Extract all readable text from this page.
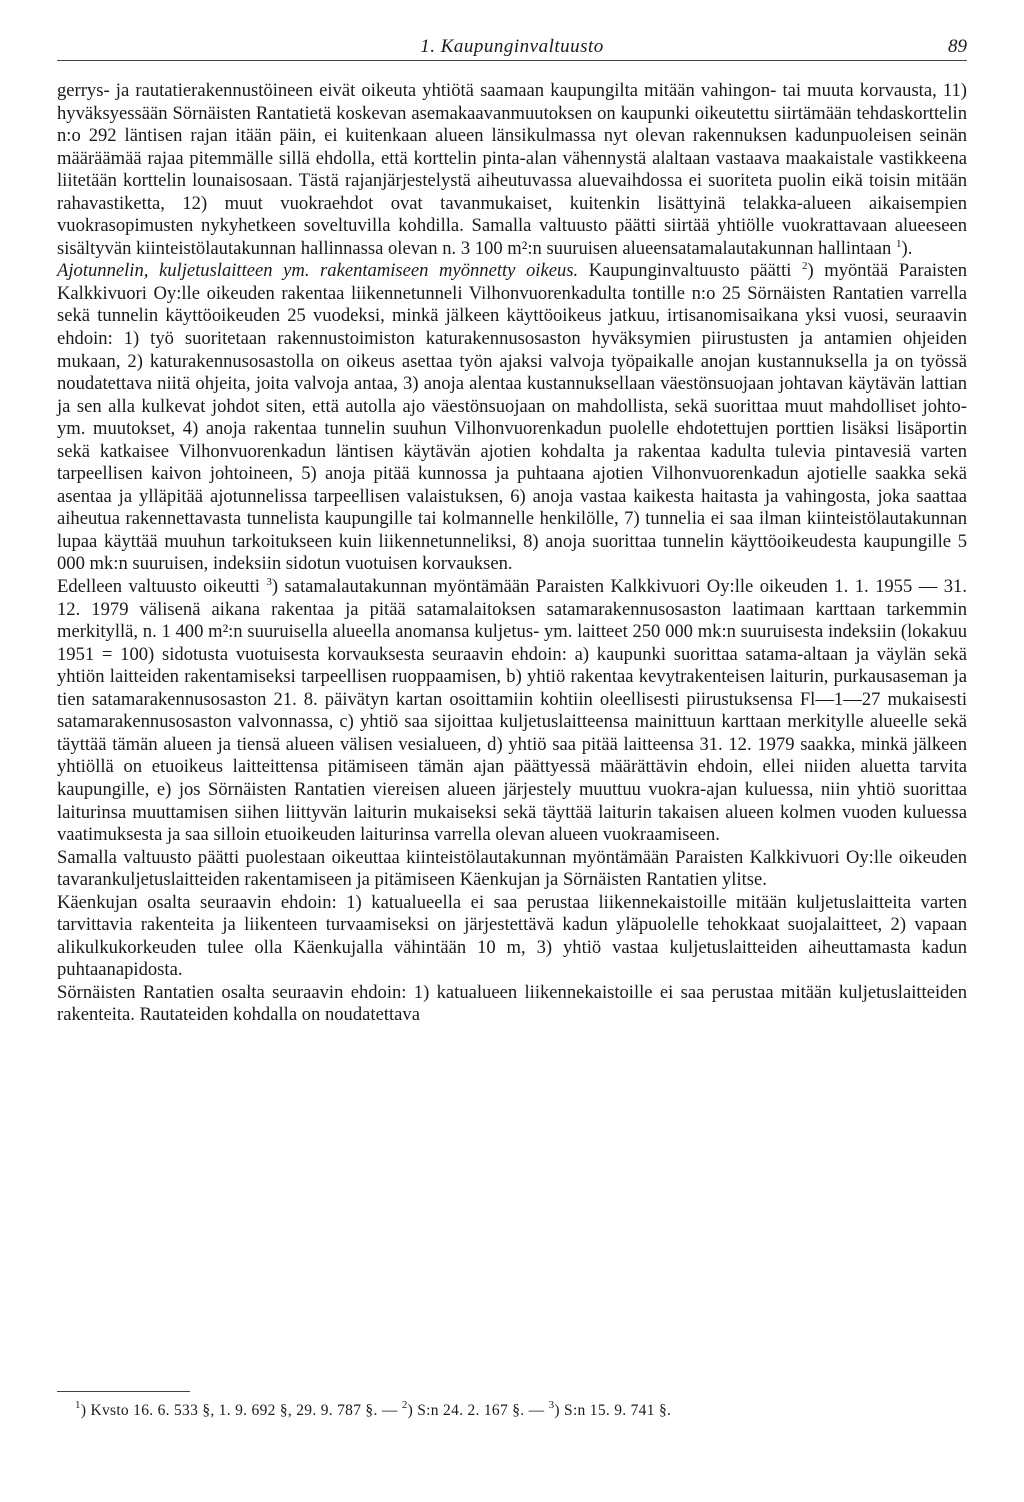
1. Kaupunginvaltuusto	89

gerrys- ja rautatierakennustöineen eivät oikeuta yhtiötä saamaan kaupungilta mitään vahingon- tai muuta korvausta, 11) hyväksyessään Sörnäisten Rantatietä koskevan asemakaavanmuutoksen on kaupunki oikeutettu siirtämään tehdaskorttelin n:o 292 läntisen rajan itään päin, ei kuitenkaan alueen länsikulmassa nyt olevan rakennuksen kadunpuoleisen seinän määräämää rajaa pitemmälle sillä ehdolla, että korttelin pinta-alan vähennystä alaltaan vastaava maakaistale vastikkeena liitetään korttelin lounaisosaan. Tästä rajanjärjestelystä aiheutuvassa aluevaihdossa ei suoriteta puolin eikä toisin mitään rahavastiketta, 12) muut vuokraehdot ovat tavanmukaiset, kuitenkin lisättyinä telakka-alueen aikaisempien vuokrasopimusten nykyhetkeen soveltuvilla kohdilla. Samalla valtuusto päätti siirtää yhtiölle vuokrattavaan alueeseen sisältyvän kiinteistölautakunnan hallinnassa olevan n. 3 100 m²:n suuruisen alueensatamalautakunnan hallintaan $^1$).

Ajotunnelin, kuljetuslaitteen ym. rakentamiseen myönnetty oikeus. Kaupunginvaltuusto päätti $^2$) myöntää Paraisten Kalkkivuori Oy:lle oikeuden rakentaa liikennetunneli Vilhonvuorenkadulta tontille n:o 25 Sörnäisten Rantatien varrella sekä tunnelin käyttöoikeuden 25 vuodeksi, minkä jälkeen käyttöoikeus jatkuu, irtisanomisaikana yksi vuosi, seuraavin ehdoin: 1) työ suoritetaan rakennustoimiston katurakennusosaston hyväksymien piirustusten ja antamien ohjeiden mukaan, 2) katurakennusosastolla on oikeus asettaa työn ajaksi valvoja työpaikalle anojan kustannuksella ja on työssä noudatettava niitä ohjeita, joita valvoja antaa, 3) anoja alentaa kustannuksellaan väestönsuojaan johtavan käytävän lattian ja sen alla kulkevat johdot siten, että autolla ajo väestönsuojaan on mahdollista, sekä suorittaa muut mahdolliset johto- ym. muutokset, 4) anoja rakentaa tunnelin suuhun Vilhonvuorenkadun puolelle ehdotettujen porttien lisäksi lisäportin sekä katkaisee Vilhonvuorenkadun läntisen käytävän ajotien kohdalta ja rakentaa kadulta tulevia pintavesiä varten tarpeellisen kaivon johtoineen, 5) anoja pitää kunnossa ja puhtaana ajotien Vilhonvuorenkadun ajotielle saakka sekä asentaa ja ylläpitää ajotunnelissa tarpeellisen valaistuksen, 6) anoja vastaa kaikesta haitasta ja vahingosta, joka saattaa aiheutua rakennettavasta tunnelista kaupungille tai kolmannelle henkilölle, 7) tunnelia ei saa ilman kiinteistölautakunnan lupaa käyttää muuhun tarkoitukseen kuin liikennetunneliksi, 8) anoja suorittaa tunnelin käyttöoikeudesta kaupungille 5 000 mk:n suuruisen, indeksiin sidotun vuotuisen korvauksen.

Edelleen valtuusto oikeutti $^3$) satamalautakunnan myöntämään Paraisten Kalkkivuori Oy:lle oikeuden 1. 1. 1955 — 31. 12. 1979 välisenä aikana rakentaa ja pitää satamalaitoksen satamarakennusosaston laatimaan karttaan tarkemmin merkityllä, n. 1 400 m²:n suuruisella alueella anomansa kuljetus- ym. laitteet 250 000 mk:n suuruisesta indeksiin (lokakuu 1951 = 100) sidotusta vuotuisesta korvauksesta seuraavin ehdoin: a) kaupunki suorittaa satama-altaan ja väylän sekä yhtiön laitteiden rakentamiseksi tarpeellisen ruoppaamisen, b) yhtiö rakentaa kevytrakenteisen laiturin, purkausaseman ja tien satamarakennusosaston 21. 8. päivätyn kartan osoittamiin kohtiin oleellisesti piirustuksensa Fl—1—27 mukaisesti satamarakennusosaston valvonnassa, c) yhtiö saa sijoittaa kuljetuslaitteensa mainittuun karttaan merkitylle alueelle sekä täyttää tämän alueen ja tiensä alueen välisen vesialueen, d) yhtiö saa pitää laitteensa 31. 12. 1979 saakka, minkä jälkeen yhtiöllä on etuoikeus laitteittensa pitämiseen tämän ajan päättyessä määrättävin ehdoin, ellei niiden aluetta tarvita kaupungille, e) jos Sörnäisten Rantatien viereisen alueen järjestely muuttuu vuokra-ajan kuluessa, niin yhtiö suorittaa laiturinsa muuttamisen siihen liittyvän laiturin mukaiseksi sekä täyttää laiturin takaisen alueen kolmen vuoden kuluessa vaatimuksesta ja saa silloin etuoikeuden laiturinsa varrella olevan alueen vuokraamiseen.

Samalla valtuusto päätti puolestaan oikeuttaa kiinteistölautakunnan myöntämään Paraisten Kalkkivuori Oy:lle oikeuden tavarankuljetuslaitteiden rakentamiseen ja pitämiseen Käenkujan ja Sörnäisten Rantatien ylitse.

Käenkujan osalta seuraavin ehdoin: 1) katualueella ei saa perustaa liikennekaistoille mitään kuljetuslaitteita varten tarvittavia rakenteita ja liikenteen turvaamiseksi on järjestettävä kadun yläpuolelle tehokkaat suojalaitteet, 2) vapaan alikulkukorkeuden tulee olla Käenkujalla vähintään 10 m, 3) yhtiö vastaa kuljetuslaitteiden aiheuttamasta kadun puhtaanapidosta.

Sörnäisten Rantatien osalta seuraavin ehdoin: 1) katualueen liikennekaistoille ei saa perustaa mitään kuljetuslaitteiden rakenteita. Rautateiden kohdalla on noudatettava

$^1$) Kvsto 16. 6. 533 §, 1. 9. 692 §, 29. 9. 787 §. — $^2$) S:n 24. 2. 167 §. — $^3$) S:n 15. 9. 741 §.
